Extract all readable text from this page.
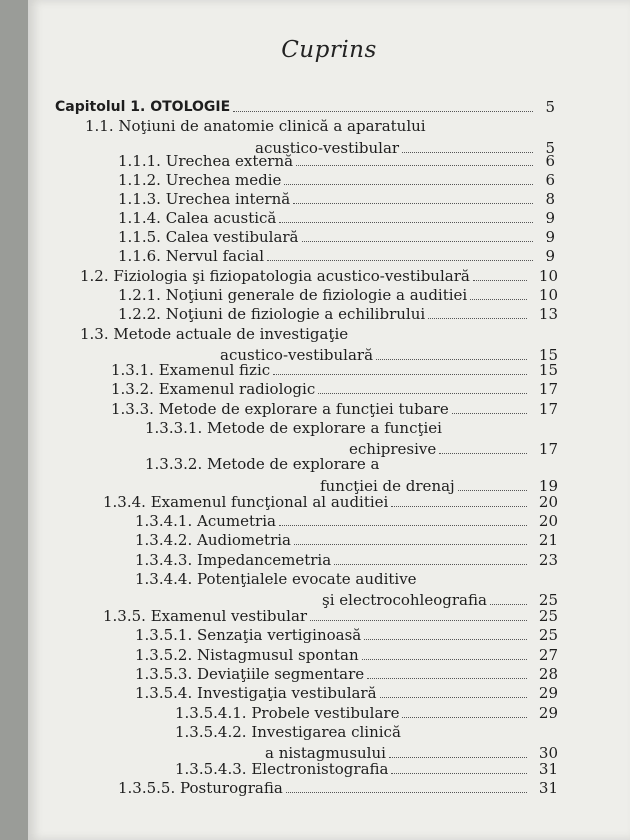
Cuprins
Capitolul 1. OTOLOGIE	5
1.1. Noţiuni de anatomie clinică a aparatului
acustico-vestibular	5
1.1.1. Urechea externă	6
1.1.2. Urechea medie	6
1.1.3. Urechea internă	8
1.1.4. Calea acustică	9
1.1.5. Calea vestibulară	9
1.1.6. Nervul facial	9
1.2. Fiziologia şi fiziopatologia acustico-vestibulară	10
1.2.1. Noţiuni generale de fiziologie a auditiei	10
1.2.2. Noţiuni de fiziologie a echilibrului	13
1.3. Metode actuale de investigaţie
acustico-vestibulară	15
1.3.1. Examenul fizic	15
1.3.2. Examenul radiologic	17
1.3.3. Metode de explorare a funcţiei tubare	17
1.3.3.1. Metode de explorare a funcţiei
echipresive	17
1.3.3.2. Metode de explorare a
funcţiei de drenaj	19
1.3.4. Examenul funcţional al auditiei	20
1.3.4.1. Acumetria	20
1.3.4.2. Audiometria	21
1.3.4.3. Impedancemetria	23
1.3.4.4. Potenţialele evocate auditive
şi electrocohleografia	25
1.3.5. Examenul vestibular	25
1.3.5.1. Senzaţia vertiginoasă	25
1.3.5.2. Nistagmusul spontan	27
1.3.5.3. Deviaţiile segmentare	28
1.3.5.4. Investigaţia vestibulară	29
1.3.5.4.1. Probele vestibulare	29
1.3.5.4.2. Investigarea clinică
a nistagmusului	30
1.3.5.4.3. Electronistografia	31
1.3.5.5. Posturografia	31
